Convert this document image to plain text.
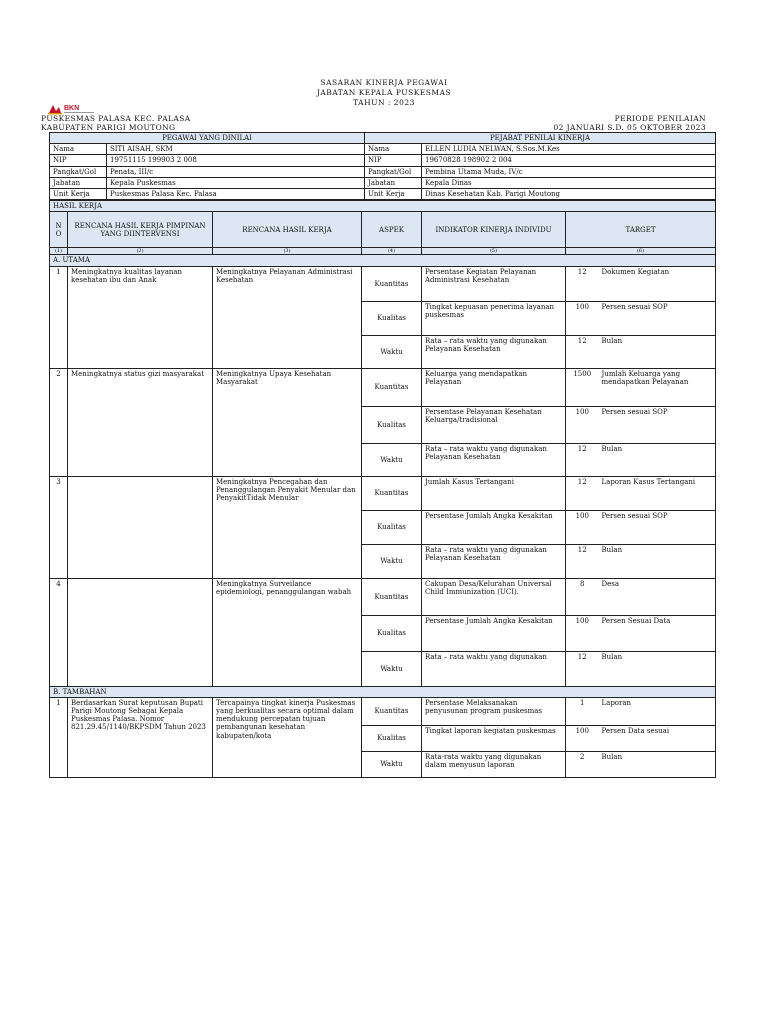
SASARAN KINERJA PEGAWAI
JABATAN KEPALA PUSKESMAS
TAHUN : 2023
BKN
PUSKESMAS PALASA KEC. PALASA
KABUPATEN PARIGI MOUTONG
PERIODE PENILAIAN
02 JANUARI S.D. 05 OKTOBER 2023
PEGAWAI YANG DINILAI		PEJABAT PENILAI KINERJA	
Nama	SITI AISAH, SKM	Nama	ELLEN LUDIA NELWAN, S.Sos.M.Kes
NIP	19751115 199903 2 008	NIP	19670828 198902 2 004
Pangkat/Gol	Penata, III/c	Pangkat/Gol	Pembina Utama Muda, IV/c
Jabatan	Kepala Puskesmas	Jabatan	Kepala Dinas
Unit Kerja	Puskesmas Palasa Kec. Palasa	Unit Kerja	Dinas Kesehatan Kab. Parigi Moutong
HASIL KERJA						
NO	RENCANA HASIL KERJA PIMPINAN YANG DIINTERVENSI	RENCANA HASIL KERJA	ASPEK	INDIKATOR KINERJA INDIVIDU	TARGET	
(1)	(2)	(3)	(4)	(5)	(6)	
A. UTAMA						
1	Meningkatnya kualitas layanan kesehatan ibu dan Anak	Meningkatnya Pelayanan Administrasi Kesehatan	Kuantitas	Persentase Kegiatan Pelayanan Administrasi Kesehatan	12	Dokumen Kegiatan
			Kualitas	Tingkat kepuasan penerima layanan puskesmas	100	Persen sesuai SOP
			Waktu	Rata – rata waktu yang digunakan Pelayanan Kesehatan	12	Bulan
2	Meningkatnya status gizi masyarakat	Meningkatnya Upaya Kesehatan Masyarakat	Kuantitas	Keluarga yang mendapatkan Pelayanan	1500	Jumlah Keluarga yang mendapatkan Pelayanan
			Kualitas	Persentase Pelayanan Kesehatan Keluarga/tradisional	100	Persen sesuai SOP
			Waktu	Rata – rata waktu yang digunakan Pelayanan Kesehatan	12	Bulan
3		Meningkatnya Pencegahan dan Penanggulangan Penyakit Menular dan PenyakitTidak Menular	Kuantitas	Jumlah Kasus Tertangani	12	Laporan Kasus Tertangani
			Kualitas	Persentase Jumlah Angka Kesakitan	100	Persen sesuai SOP
			Waktu	Rata – rata waktu yang digunakan Pelayanan Kesehatan	12	Bulan
4		Meningkatnya Surveilance epidemiologi, penanggulangan wabah	Kuantitas	Cakupan Desa/Kelurahan Universal Child Immunization (UCI).	8	Desa
			Kualitas	Persentase Jumlah Angka Kesakitan	100	Persen Sesuai Data
			Waktu	Rata – rata waktu yang digunakan	12	Bulan
B. TAMBAHAN						
1	Berdasarkan Surat keputusan Bupati Parigi Moutong Sebagai Kepala Puskesmas Palasa. Nomor 821.29.45/1140/BKPSDM Tahun 2023	Tercapainya tingkat kinerja Puskesmas yang berkualitas secara optimal dalam mendukung percepatan tujuan pembangunan kesehatan kabupaten/kota	Kuantitas	Persentase Melaksanakan penyusunan program puskesmas	1	Laporan
			Kualitas	Tingkat laporan kegiatan puskesmas	100	Persen Data sesuai
			Waktu	Rata-rata waktu yang digunakan dalam menyusun laporan	2	Bulan
